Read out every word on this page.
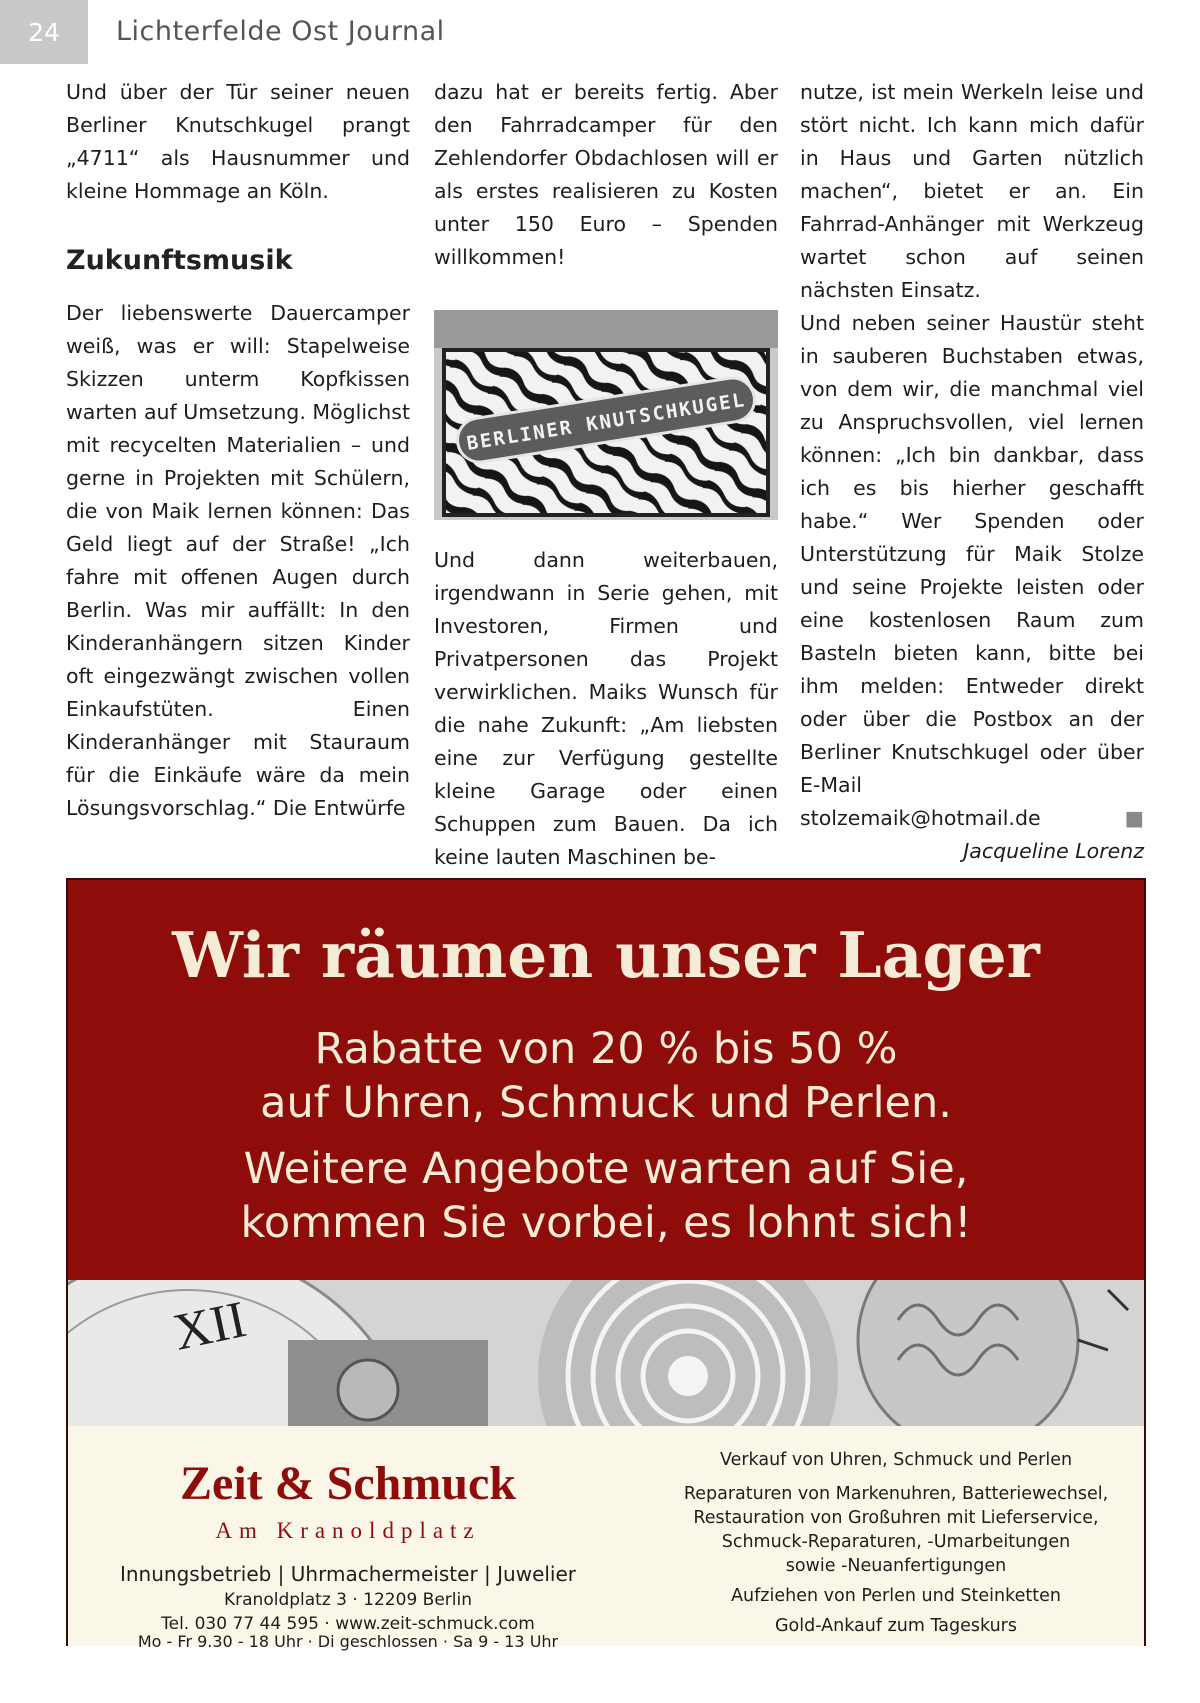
24	Lichterfelde Ost Journal

Und über der Tür seiner neuen Berliner Knutschkugel prangt „4711“ als Hausnummer und kleine Hommage an Köln.

Zukunftsmusik

Der liebenswerte Dauercamper weiß, was er will: Stapelweise Skizzen unterm Kopfkissen warten auf Umsetzung. Möglichst mit recycelten Materialien – und gerne in Projekten mit Schülern, die von Maik lernen können: Das Geld liegt auf der Straße! „Ich fahre mit offenen Augen durch Berlin. Was mir auffällt: In den Kinderanhängern sitzen Kinder oft eingezwängt zwischen vollen Einkaufstüten. Einen Kinderanhänger mit Stauraum für die Einkäufe wäre da mein Lösungsvorschlag.“ Die Entwürfe

dazu hat er bereits fertig. Aber den Fahrradcamper für den Zehlendorfer Obdachlosen will er als erstes realisieren zu Kosten unter 150 Euro – Spenden willkommen!

BERLINER KNUTSCHKUGEL

Und dann weiterbauen, irgendwann in Serie gehen, mit Investoren, Firmen und Privatpersonen das Projekt verwirklichen. Maiks Wunsch für die nahe Zukunft: „Am liebsten eine zur Verfügung gestellte kleine Garage oder einen Schuppen zum Bauen. Da ich keine lauten Maschinen be-

nutze, ist mein Werkeln leise und stört nicht. Ich kann mich dafür in Haus und Garten nützlich machen“, bietet er an. Ein Fahrrad-Anhänger mit Werkzeug wartet schon auf seinen nächsten Einsatz.

Und neben seiner Haustür steht in sauberen Buchstaben etwas, von dem wir, die manchmal viel zu Anspruchsvollen, viel lernen können: „Ich bin dankbar, dass ich es bis hierher geschafft habe.“ Wer Spenden oder Unterstützung für Maik Stolze und seine Projekte leisten oder eine kostenlosen Raum zum Basteln bieten kann, bitte bei ihm melden: Entweder direkt oder über die Postbox an der Berliner Knutschkugel oder über E-Mail

stolzemaik@hotmail.de	■

Jacqueline Lorenz

Wir räumen unser Lager
Rabatte von 20 % bis 50 %
auf Uhren, Schmuck und Perlen.
Weitere Angebote warten auf Sie,
kommen Sie vorbei, es lohnt sich!
XII
Zeit & Schmuck
Am Kranoldplatz
Innungsbetrieb | Uhrmachermeister | Juwelier
Kranoldplatz 3 · 12209 Berlin
Tel. 030 77 44 595 · www.zeit-schmuck.com
Verkauf von Uhren, Schmuck und Perlen
Reparaturen von Markenuhren, Batteriewechsel,
Restauration von Großuhren mit Lieferservice,
Schmuck-Reparaturen, -Umarbeitungen
sowie -Neuanfertigungen
Aufziehen von Perlen und Steinketten
Gold-Ankauf zum Tageskurs
Mo - Fr 9.30 - 18 Uhr · Di geschlossen · Sa 9 - 13 Uhr
